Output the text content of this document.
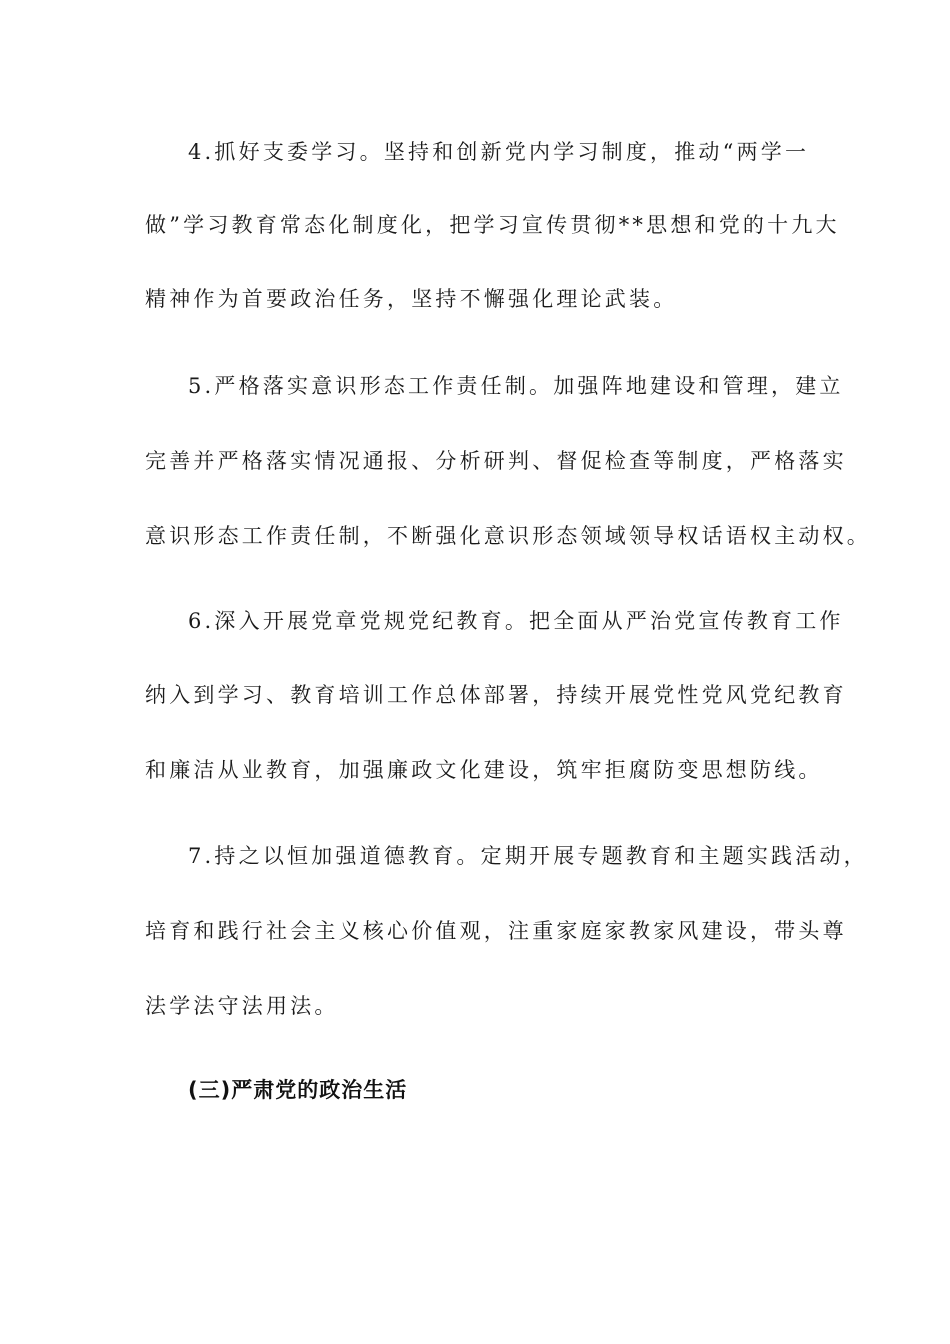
4.抓好支委学习。坚持和创新党内学习制度，推动“两学一

做”学习教育常态化制度化，把学习宣传贯彻**思想和党的十九大

精神作为首要政治任务，坚持不懈强化理论武装。

5.严格落实意识形态工作责任制。加强阵地建设和管理，建立

完善并严格落实情况通报、分析研判、督促检查等制度，严格落实

意识形态工作责任制，不断强化意识形态领域领导权话语权主动权。

6.深入开展党章党规党纪教育。把全面从严治党宣传教育工作

纳入到学习、教育培训工作总体部署，持续开展党性党风党纪教育

和廉洁从业教育，加强廉政文化建设，筑牢拒腐防变思想防线。

7.持之以恒加强道德教育。定期开展专题教育和主题实践活动，

培育和践行社会主义核心价值观，注重家庭家教家风建设，带头尊

法学法守法用法。

(三)严肃党的政治生活
